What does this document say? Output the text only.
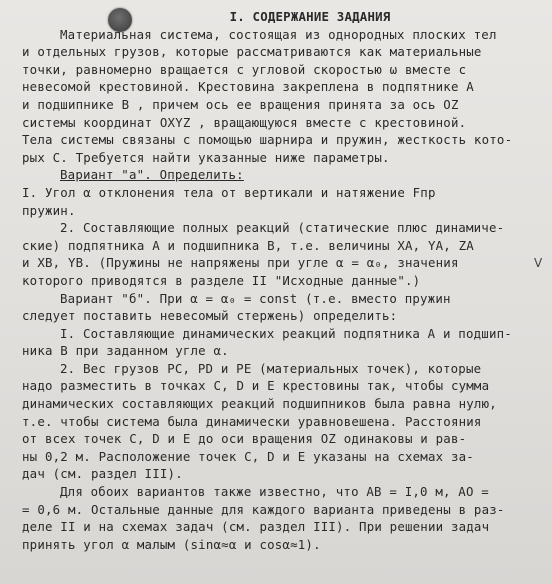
V
I. СОДЕРЖАНИЕ ЗАДАНИЯ
Материальная система, состоящая из однородных плоских тел
и отдельных грузов, которые рассматриваются как материальные
точки, равномерно вращается с угловой скоростью ω вместе с
невесомой крестовиной. Крестовина закреплена в подпятнике A
и подшипнике B , причем ось ее вращения принята за ось OZ
системы координат OXYZ , вращающуюся вместе с крестовиной.
Тела системы связаны с помощью шарнира и пружин, жесткость кото-
рых C. Требуется найти указанные ниже параметры.
Вариант "а". Определить:
I. Угол α отклонения тела от вертикали и натяжение Fпр
пружин.
2. Составляющие полных реакций (статические плюс динамиче-
ские) подпятника A и подшипника B, т.е. величины XA, YA, ZA
и XB, YB. (Пружины не напряжены при угле α = α₀, значения
которого приводятся в разделе II "Исходные данные".)
Вариант "б". При α = α₀ = const (т.е. вместо пружин
следует поставить невесомый стержень) определить:
I. Составляющие динамических реакций подпятника A и подшип-
ника B при заданном угле α.
2. Вес грузов PC, PD и PE (материальных точек), которые
надо разместить в точках C, D и E крестовины так, чтобы сумма
динамических составляющих реакций подшипников была равна нулю,
т.е. чтобы система была динамически уравновешена. Расстояния
от всех точек C, D и E до оси вращения OZ одинаковы и рав-
ны 0,2 м. Расположение точек C, D и E указаны на схемах за-
дач (см. раздел III).
Для обоих вариантов также известно, что AB = I,0 м, AO =
= 0,6 м. Остальные данные для каждого варианта приведены в раз-
деле II и на схемах задач (см. раздел III). При решении задач
принять угол α малым (sinα≈α и cosα≈1).
